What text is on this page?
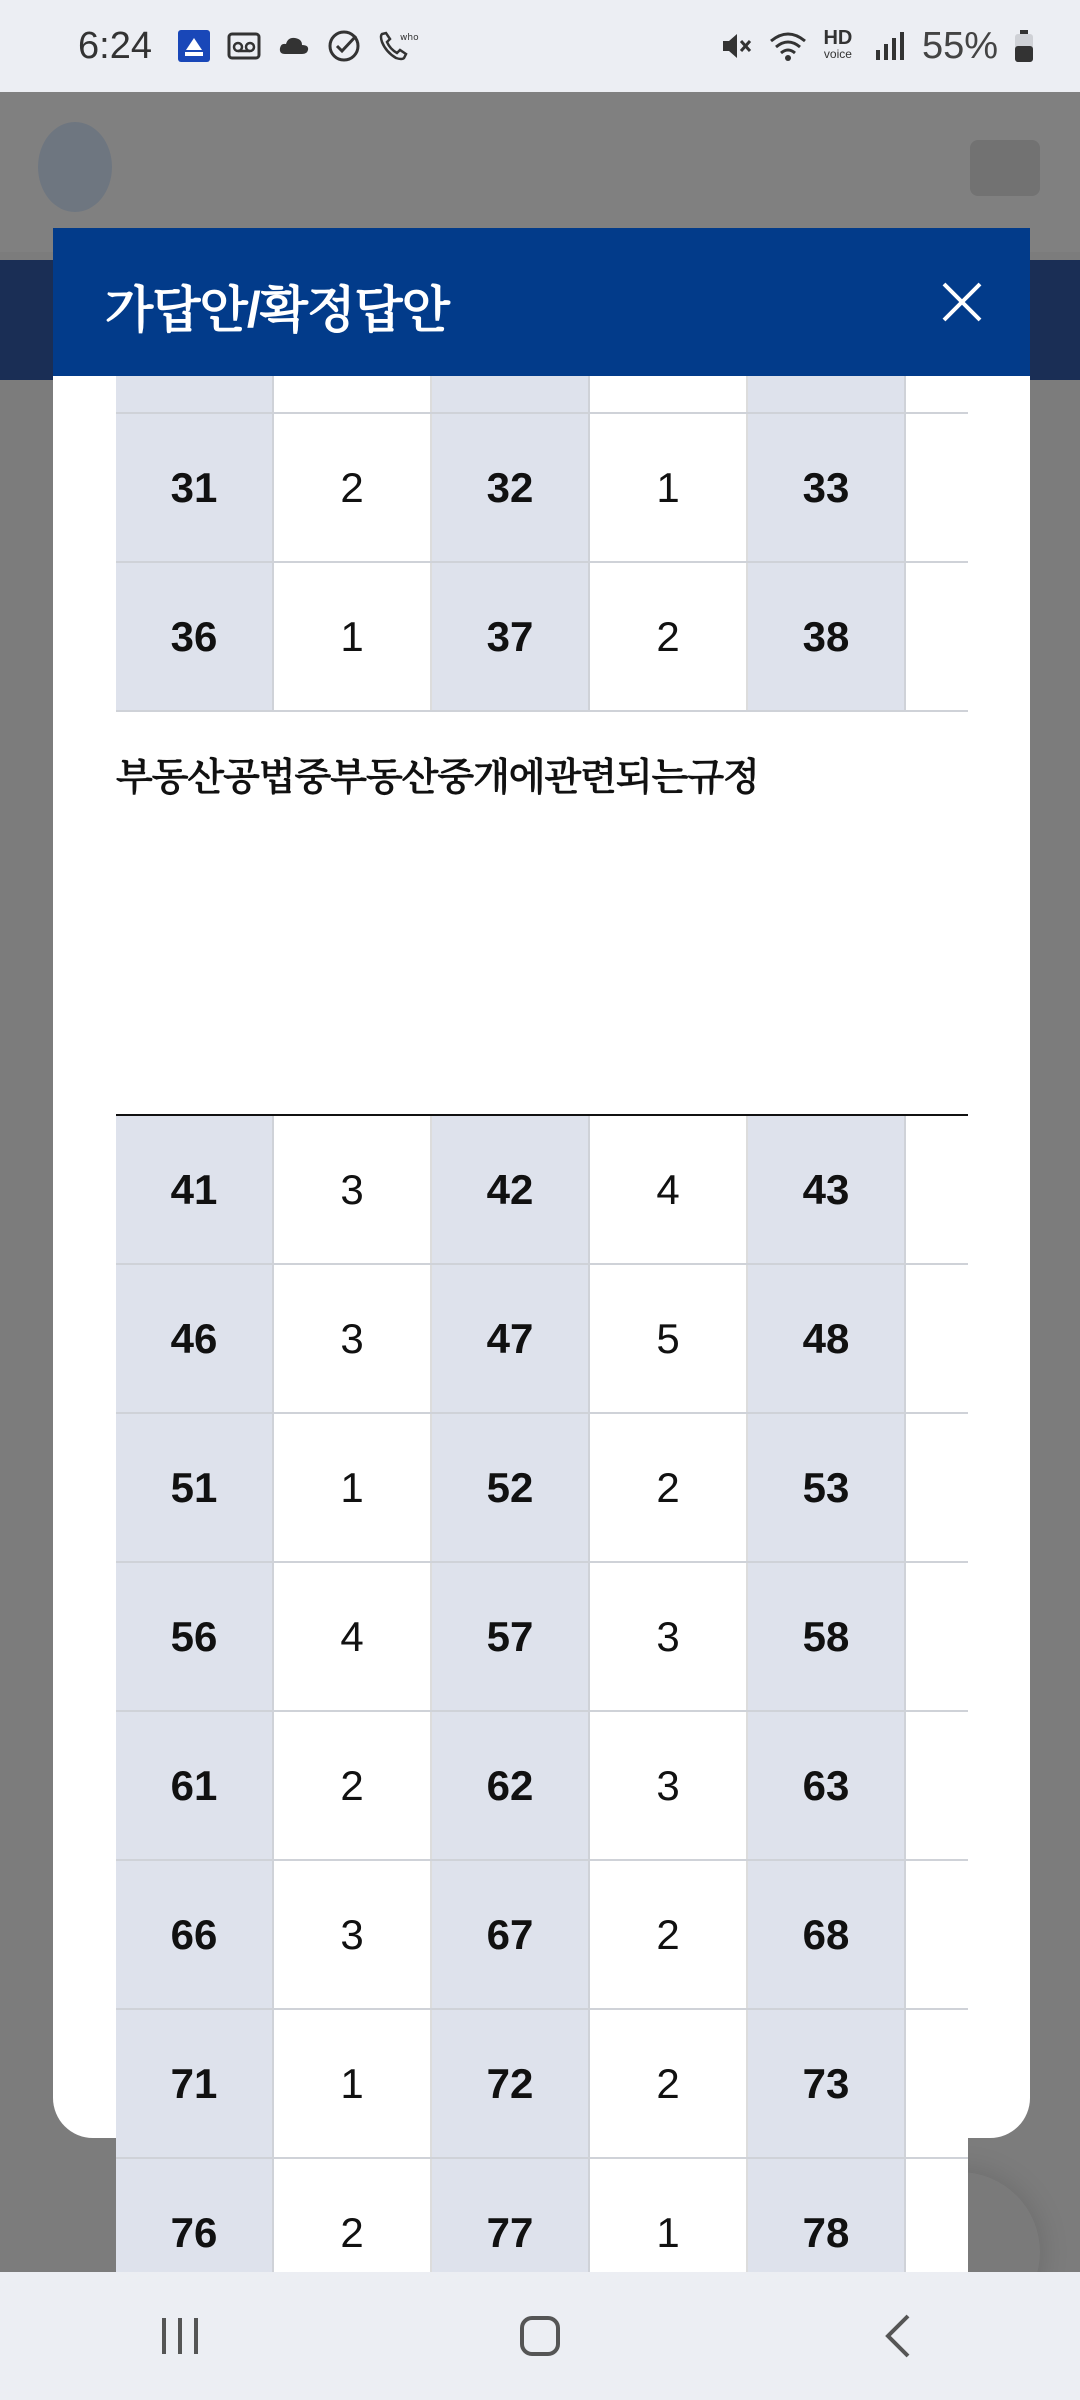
6:24	who	HD
voice 55%
가답안/확정답안
31	2	32	1	33
36	1	37	2	38
부동산공법중부동산중개에관련되는규정
41	3	42	4	43
46	3	47	5	48
51	1	52	2	53
56	4	57	3	58
61	2	62	3	63
66	3	67	2	68
71	1	72	2	73
76	2	77	1	78
